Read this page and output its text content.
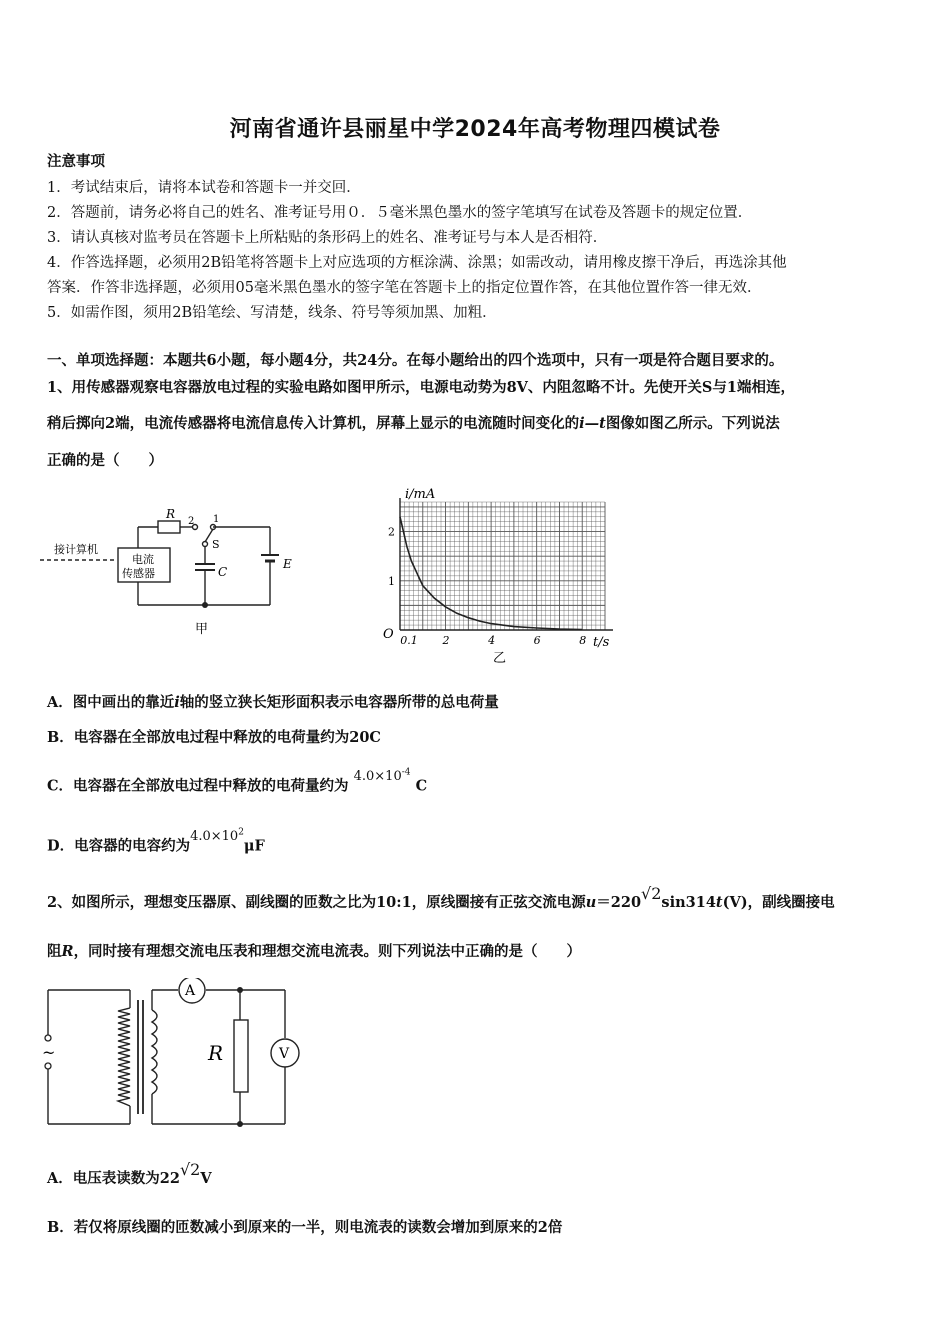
河南省通许县丽星中学2024年高考物理四模试卷
注意事项
1．考试结束后，请将本试卷和答题卡一并交回．
2．答题前，请务必将自己的姓名、准考证号用０．５毫米黑色墨水的签字笔填写在试卷及答题卡的规定位置．
3．请认真核对监考员在答题卡上所粘贴的条形码上的姓名、准考证号与本人是否相符．
4．作答选择题，必须用2B铅笔将答题卡上对应选项的方框涂满、涂黑；如需改动，请用橡皮擦干净后，再选涂其他
答案．作答非选择题，必须用05毫米黑色墨水的签字笔在答题卡上的指定位置作答，在其他位置作答一律无效．
5．如需作图，须用2B铅笔绘、写清楚，线条、符号等须加黑、加粗．
一、单项选择题：本题共6小题，每小题4分，共24分。在每小题给出的四个选项中，只有一项是符合题目要求的。
1、用传感器观察电容器放电过程的实验电路如图甲所示，电源电动势为8V、内阻忽略不计。先使开关S与1端相连，
稍后掷向2端，电流传感器将电流信息传入计算机，屏幕上显示的电流随时间变化的i—t图像如图乙所示。下列说法
正确的是（　　）
接计算机
电流
传感器
R
2 1
S
C
E
甲
0.1 2	4	6	8
2
1
i/mA
t/s
O
乙
A．图中画出的靠近i轴的竖立狭长矩形面积表示电容器所带的总电荷量
B．电容器在全部放电过程中释放的电荷量约为20C
C．电容器在全部放电过程中释放的电荷量约为 $4.0\times 10^{-4}$ C
D．电容器的电容约为$4.0\times 10^2\mu F$
2、如图所示，理想变压器原、副线圈的匝数之比为10:1，原线圈接有正弦交流电源u＝220√2sin314t(V)，副线圈接电
阻R，同时接有理想交流电压表和理想交流电流表。则下列说法中正确的是（　　）
~
A
V
R
A．电压表读数为22√2V
B．若仅将原线圈的匝数减小到原来的一半，则电流表的读数会增加到原来的2倍
